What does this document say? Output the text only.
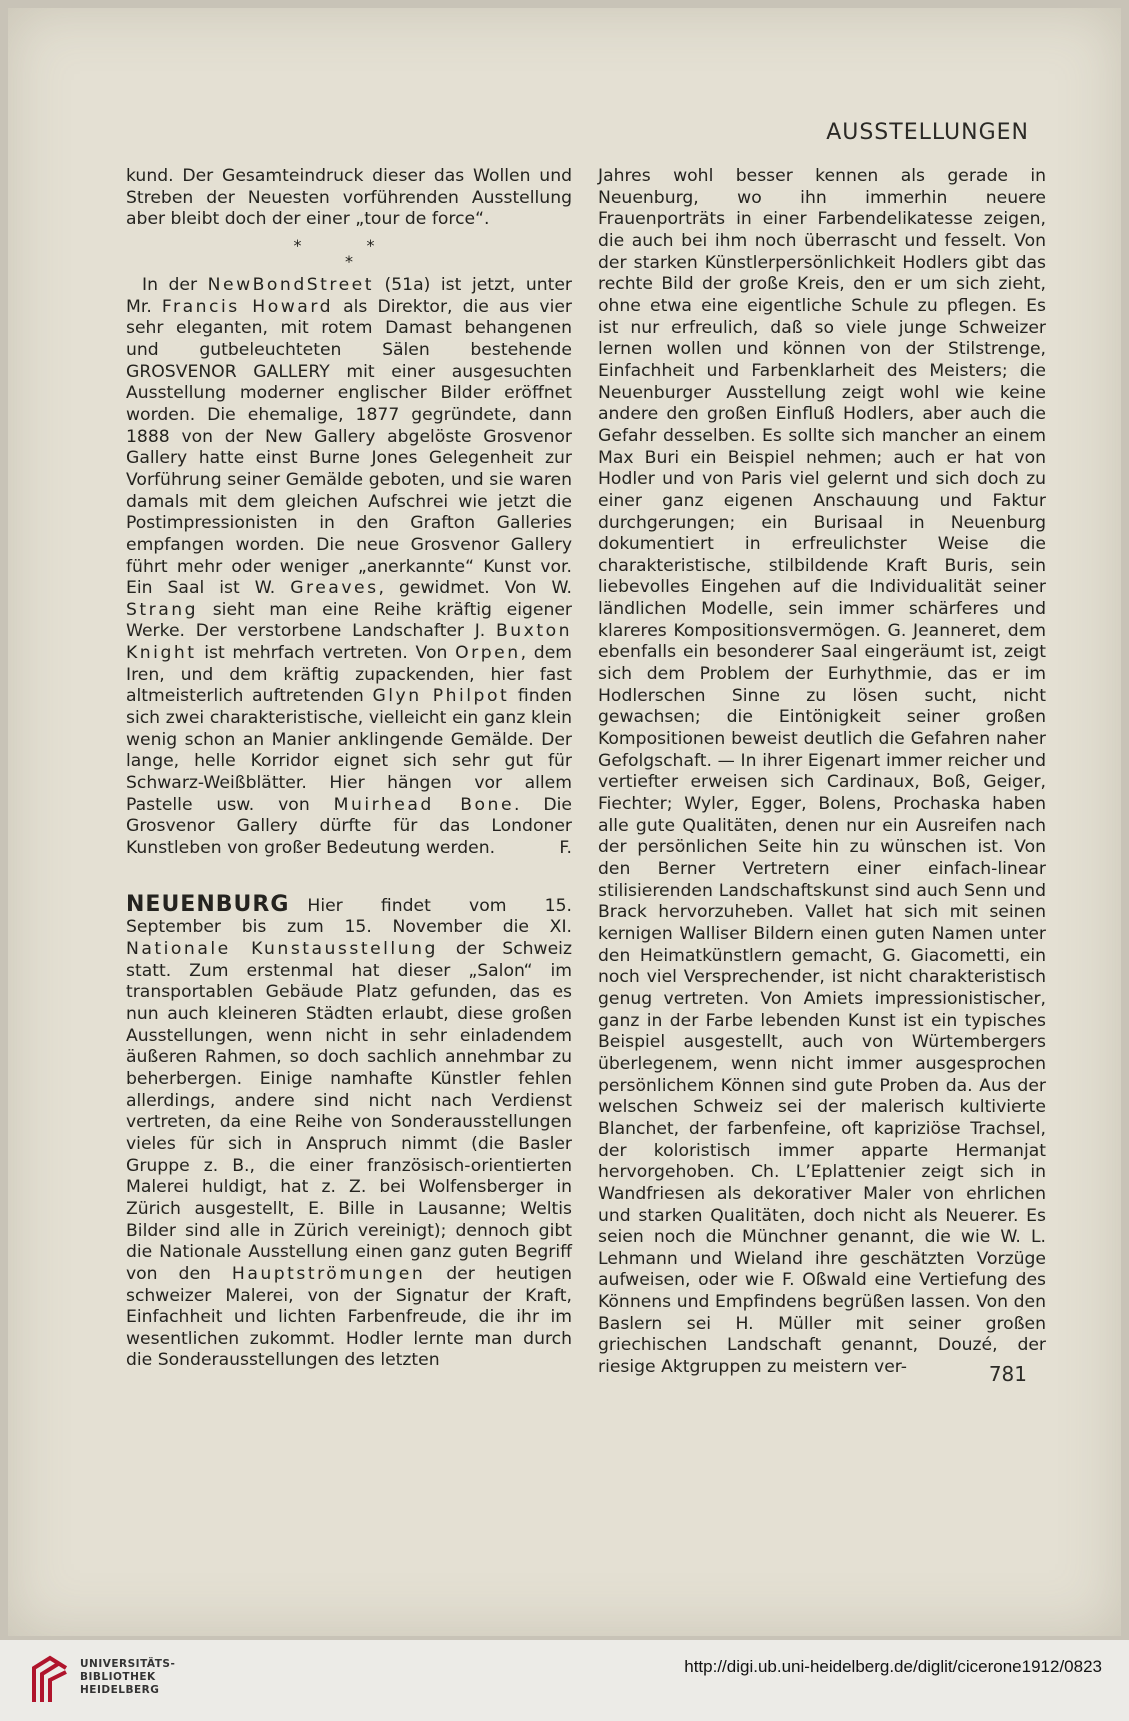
AUSSTELLUNGEN

kund. Der Gesamteindruck dieser das Wollen und Streben der Neuesten vorführenden Ausstellung aber bleibt doch der einer „tour de force“.

* *
*

In der NewBondStreet (51a) ist jetzt, unter Mr. Francis Howard als Direktor, die aus vier sehr eleganten, mit rotem Damast behangenen und gutbeleuchteten Sälen bestehende GROSVENOR GALLERY mit einer ausgesuchten Ausstellung moderner englischer Bilder eröffnet worden. Die ehemalige, 1877 gegründete, dann 1888 von der New Gallery abgelöste Grosvenor Gallery hatte einst Burne Jones Gelegenheit zur Vorführung seiner Gemälde geboten, und sie waren damals mit dem gleichen Aufschrei wie jetzt die Postimpressionisten in den Grafton Galleries empfangen worden. Die neue Grosvenor Gallery führt mehr oder weniger „anerkannte“ Kunst vor. Ein Saal ist W. Greaves, gewidmet. Von W. Strang sieht man eine Reihe kräftig eigener Werke. Der verstorbene Landschafter J. Buxton Knight ist mehrfach vertreten. Von Orpen, dem Iren, und dem kräftig zupackenden, hier fast altmeisterlich auftretenden Glyn Philpot finden sich zwei charakteristische, vielleicht ein ganz klein wenig schon an Manier anklingende Gemälde. Der lange, helle Korridor eignet sich sehr gut für Schwarz-Weißblätter. Hier hängen vor allem Pastelle usw. von Muirhead Bone. Die Grosvenor Gallery dürfte für das Londoner Kunstleben von großer Bedeutung werden.	F.

NEUENBURG Hier findet vom 15. September bis zum 15. November die XI. Nationale Kunstausstellung der Schweiz statt. Zum erstenmal hat dieser „Salon“ im transportablen Gebäude Platz gefunden, das es nun auch kleineren Städten erlaubt, diese großen Ausstellungen, wenn nicht in sehr einladendem äußeren Rahmen, so doch sachlich annehmbar zu beherbergen. Einige namhafte Künstler fehlen allerdings, andere sind nicht nach Verdienst vertreten, da eine Reihe von Sonderausstellungen vieles für sich in Anspruch nimmt (die Basler Gruppe z. B., die einer französisch-orientierten Malerei huldigt, hat z. Z. bei Wolfensberger in Zürich ausgestellt, E. Bille in Lausanne; Weltis Bilder sind alle in Zürich vereinigt); dennoch gibt die Nationale Ausstellung einen ganz guten Begriff von den Hauptströmungen der heutigen schweizer Malerei, von der Signatur der Kraft, Einfachheit und lichten Farbenfreude, die ihr im wesentlichen zukommt. Hodler lernte man durch die Sonderausstellungen des letzten

Jahres wohl besser kennen als gerade in Neuenburg, wo ihn immerhin neuere Frauenporträts in einer Farbendelikatesse zeigen, die auch bei ihm noch überrascht und fesselt. Von der starken Künstlerpersönlichkeit Hodlers gibt das rechte Bild der große Kreis, den er um sich zieht, ohne etwa eine eigentliche Schule zu pflegen. Es ist nur erfreulich, daß so viele junge Schweizer lernen wollen und können von der Stilstrenge, Einfachheit und Farbenklarheit des Meisters; die Neuenburger Ausstellung zeigt wohl wie keine andere den großen Einfluß Hodlers, aber auch die Gefahr desselben. Es sollte sich mancher an einem Max Buri ein Beispiel nehmen; auch er hat von Hodler und von Paris viel gelernt und sich doch zu einer ganz eigenen Anschauung und Faktur durchgerungen; ein Burisaal in Neuenburg dokumentiert in erfreulichster Weise die charakteristische, stilbildende Kraft Buris, sein liebevolles Eingehen auf die Individualität seiner ländlichen Modelle, sein immer schärferes und klareres Kompositionsvermögen. G. Jeanneret, dem ebenfalls ein besonderer Saal eingeräumt ist, zeigt sich dem Problem der Eurhythmie, das er im Hodlerschen Sinne zu lösen sucht, nicht gewachsen; die Eintönigkeit seiner großen Kompositionen beweist deutlich die Gefahren naher Gefolgschaft. — In ihrer Eigenart immer reicher und vertiefter erweisen sich Cardinaux, Boß, Geiger, Fiechter; Wyler, Egger, Bolens, Prochaska haben alle gute Qualitäten, denen nur ein Ausreifen nach der persönlichen Seite hin zu wünschen ist. Von den Berner Vertretern einer einfach-linear stilisierenden Landschaftskunst sind auch Senn und Brack hervorzuheben. Vallet hat sich mit seinen kernigen Walliser Bildern einen guten Namen unter den Heimatkünstlern gemacht, G. Giacometti, ein noch viel Versprechender, ist nicht charakteristisch genug vertreten. Von Amiets impressionistischer, ganz in der Farbe lebenden Kunst ist ein typisches Beispiel ausgestellt, auch von Würtembergers überlegenem, wenn nicht immer ausgesprochen persönlichem Können sind gute Proben da. Aus der welschen Schweiz sei der malerisch kultivierte Blanchet, der farbenfeine, oft kapriziöse Trachsel, der koloristisch immer apparte Hermanjat hervorgehoben. Ch. L’Eplattenier zeigt sich in Wandfriesen als dekorativer Maler von ehrlichen und starken Qualitäten, doch nicht als Neuerer. Es seien noch die Münchner genannt, die wie W. L. Lehmann und Wieland ihre geschätzten Vorzüge aufweisen, oder wie F. Oßwald eine Vertiefung des Könnens und Empfindens begrüßen lassen. Von den Baslern sei H. Müller mit seiner großen griechischen Landschaft genannt, Douzé, der riesige Aktgruppen zu meistern ver-	781
UNIVERSITÄTS-
BIBLIOTHEK
HEIDELBERG
http://digi.ub.uni-heidelberg.de/diglit/cicerone1912/0823
